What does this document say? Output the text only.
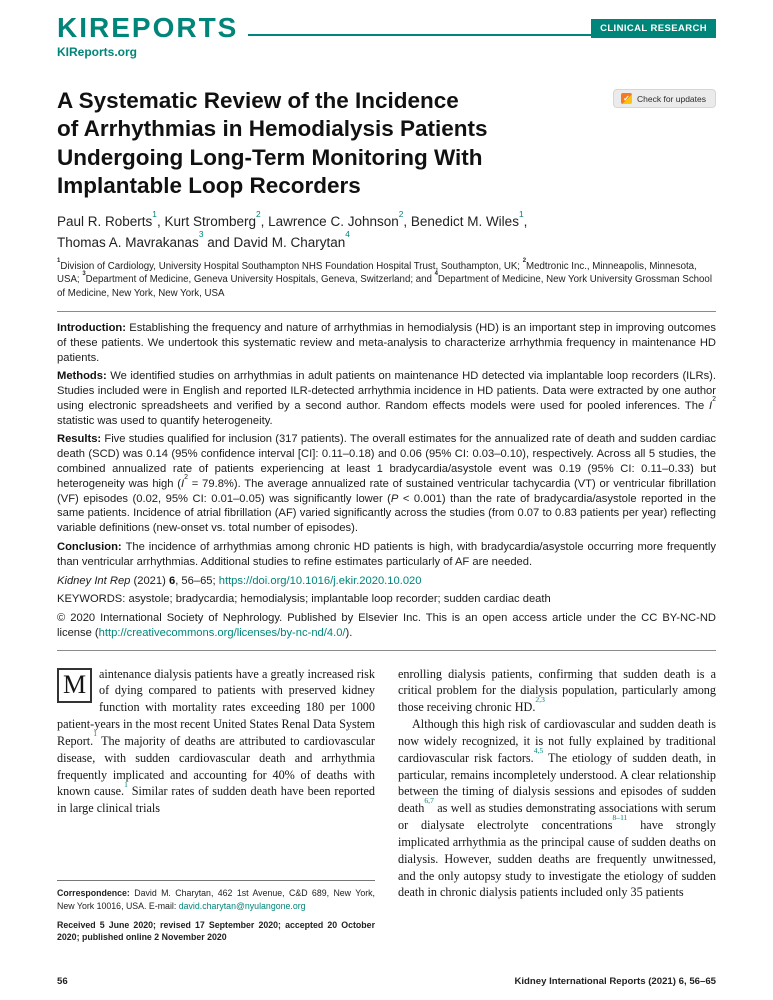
KIREPORTS	CLINICAL RESEARCH
KIReports.org
A Systematic Review of the Incidence
of Arrhythmias in Hemodialysis Patients
Undergoing Long-Term Monitoring With
Implantable Loop Recorders
✓
Check for updates
Paul R. Roberts$^1$, Kurt Stromberg$^2$, Lawrence C. Johnson$^2$, Benedict M. Wiles$^1$,
Thomas A. Mavrakanas$^3$ and David M. Charytan$^4$
$^1$Division of Cardiology, University Hospital Southampton NHS Foundation Hospital Trust, Southampton, UK; $^2$Medtronic Inc., Minneapolis, Minnesota, USA; $^3$Department of Medicine, Geneva University Hospitals, Geneva, Switzerland; and $^4$Department of Medicine, New York University Grossman School of Medicine, New York, New York, USA

Introduction: Establishing the frequency and nature of arrhythmias in hemodialysis (HD) is an important step in improving outcomes of these patients. We undertook this systematic review and meta-analysis to characterize arrhythmia frequency in maintenance HD patients.

Methods: We identified studies on arrhythmias in adult patients on maintenance HD detected via implantable loop recorders (ILRs). Studies included were in English and reported ILR-detected arrhythmia incidence in HD patients. Data were extracted by one author using electronic spreadsheets and verified by a second author. Random effects models were used for pooled inferences. The $I^2$ statistic was used to quantify heterogeneity.

Results: Five studies qualified for inclusion (317 patients). The overall estimates for the annualized rate of death and sudden cardiac death (SCD) was 0.14 (95% confidence interval [CI]: 0.11–0.18) and 0.06 (95% CI: 0.03–0.10), respectively. Across all 5 studies, the combined annualized rate of patients experiencing at least 1 bradycardia/asystole event was 0.19 (95% CI: 0.11–0.33) but heterogeneity was high $(I^2 = 79.8\%)$. The average annualized rate of sustained ventricular tachycardia (VT) or ventricular fibrillation (VF) episodes (0.02, 95% CI: 0.01–0.05) was significantly lower (P < 0.001) than the rate of bradycardia/asystole reported in the same patients. Incidence of atrial fibrillation (AF) varied significantly across the studies (from 0.07 to 0.83 patients per year) reflecting variable definitions (new-onset vs. total number of episodes).

Conclusion: The incidence of arrhythmias among chronic HD patients is high, with bradycardia/asystole occurring more frequently than ventricular arrhythmias. Additional studies to refine estimates particularly of AF are needed.

Kidney Int Rep (2021) 6, 56–65; https://doi.org/10.1016/j.ekir.2020.10.020

KEYWORDS: asystole; bradycardia; hemodialysis; implantable loop recorder; sudden cardiac death

© 2020 International Society of Nephrology. Published by Elsevier Inc. This is an open access article under the CC BY-NC-ND license (http://creativecommons.org/licenses/by-nc-nd/4.0/).

M	aintenance dialysis patients have a greatly increased risk of dying compared to patients with preserved kidney function with mortality rates exceeding 180 per 1000 patient-years in the most recent United States Renal Data System Report.$^1$ The majority of deaths are attributed to cardiovascular disease, with sudden cardiovascular death and arrhythmia frequently implicated and accounting for 40% of deaths with known cause.$^1$ Similar rates of sudden death have been reported in large clinical trials

Correspondence: David M. Charytan, 462 1st Avenue, C&D 689, New York, New York 10016, USA. E-mail: david.charytan@nyulangone.org

Received 5 June 2020; revised 17 September 2020; accepted 20 October 2020; published online 2 November 2020

enrolling dialysis patients, confirming that sudden death is a critical problem for the dialysis population, particularly among those receiving chronic HD.$^{2,3}$

Although this high risk of cardiovascular and sudden death is now widely recognized, it is not fully explained by traditional cardiovascular risk factors.$^{4,5}$ The etiology of sudden death, in particular, remains incompletely understood. A clear relationship between the timing of dialysis sessions and episodes of sudden death$^{6,7}$ as well as studies demonstrating associations with serum or dialysate electrolyte concentrations$^{8-11}$ have strongly implicated arrhythmia as the principal cause of sudden deaths on dialysis. However, sudden deaths are frequently unwitnessed, and the only autopsy study to investigate the etiology of sudden death in chronic dialysis patients included only 35 patients

56	Kidney International Reports (2021) 6, 56–65
